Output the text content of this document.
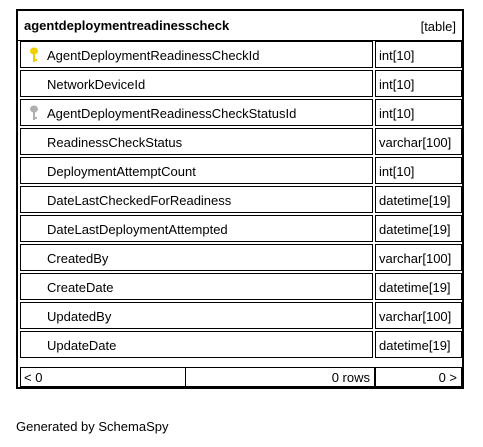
agentdeploymentreadinesscheck	[table]
AgentDeploymentReadinessCheckId	int[10]
NetworkDeviceId	int[10]
AgentDeploymentReadinessCheckStatusId	int[10]
ReadinessCheckStatus	varchar[100]
DeploymentAttemptCount	int[10]
DateLastCheckedForReadiness	datetime[19]
DateLastDeploymentAttempted	datetime[19]
CreatedBy	varchar[100]
CreateDate	datetime[19]
UpdatedBy	varchar[100]
UpdateDate	datetime[19]
< 0	0 rows	0 >
Generated by SchemaSpy
